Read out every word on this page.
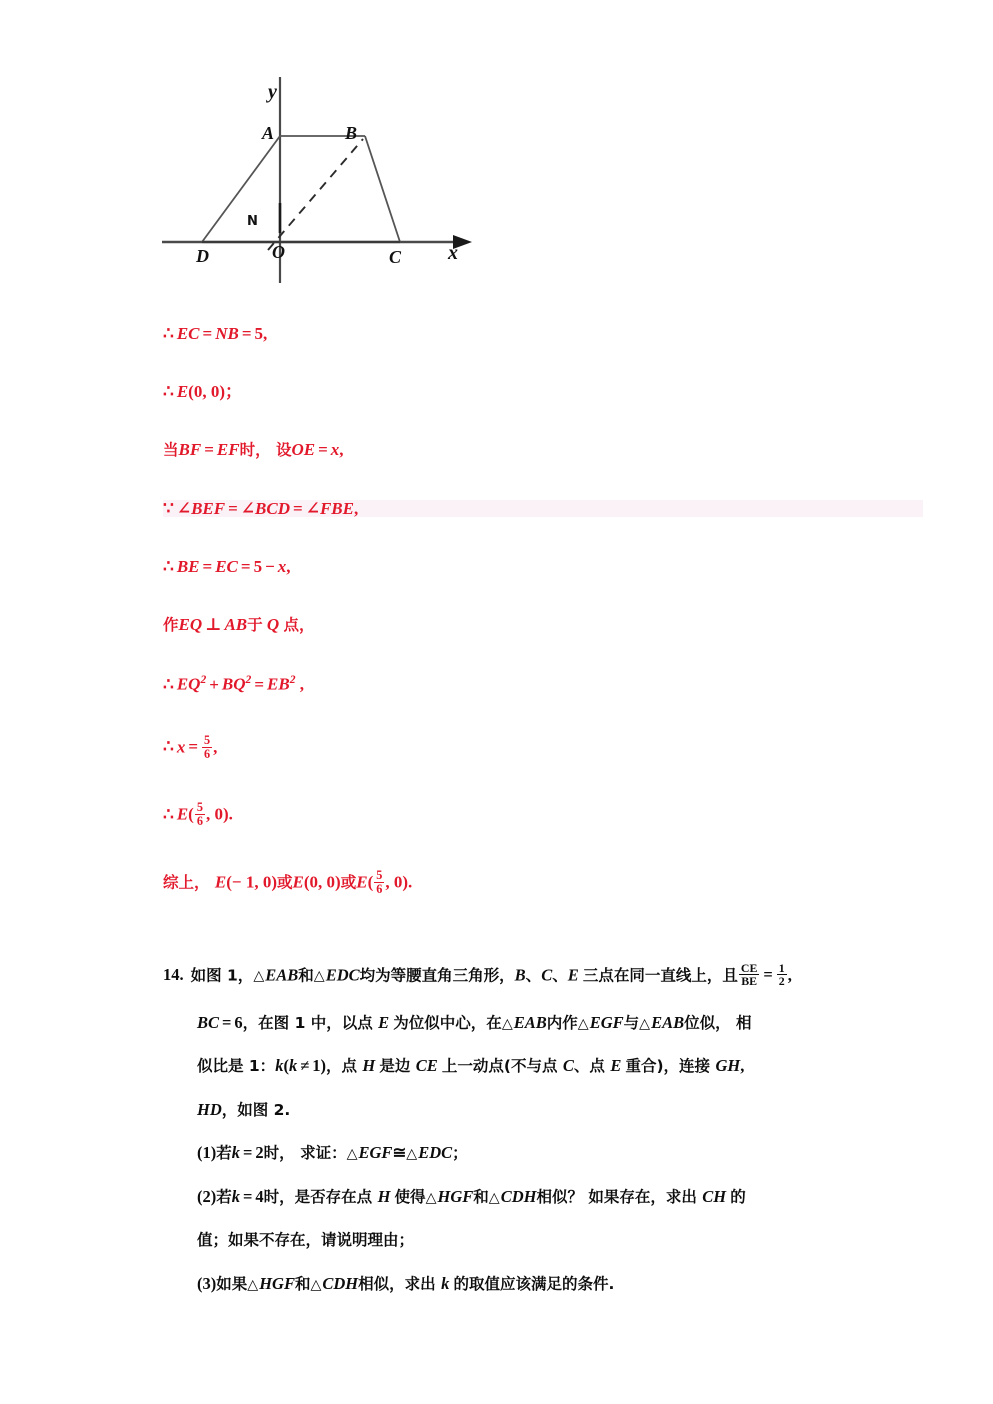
y
x
A	B
C
D
N
O
∴ EC = NB = 5,
∴ E(0, 0)；
当BF = EF时， 设OE = x,
∵ ∠BEF = ∠BCD = ∠FBE,
∴ BE = EC = 5 − x,
作EQ ⊥ AB于 Q 点，
∴ $EQ^2 + BQ^2 = EB^2$ ,
∴ $x = \frac{5}{6}$ ,
∴ $E( \frac{5}{6}$ , 0).
综上， E(− 1, 0)或E(0, 0)或$E( \frac{5}{6}$ , 0).
14. 如图 1，△EAB和△EDC均为等腰直角三角形，B、C、E 三点在同一直线上，且 $\frac{CE}{BE} = \frac{1}{2}$ ,
BC = 6，在图 1 中，以点 E 为位似中心，在△EAB内作△EGF与△EAB位似， 相
似比是 1：k(k ≠ 1)，点 H 是边 CE 上一动点(不与点 C、点 E 重合)，连接 GH,
HD，如图 2.
(1)若k = 2时， 求证：△EGF≅△EDC；
(2)若k = 4时，是否存在点 H 使得△HGF和△CDH相似？ 如果存在，求出 CH 的
值；如果不存在，请说明理由；
(3)如果△HGF和△CDH相似，求出 k 的取值应该满足的条件.
